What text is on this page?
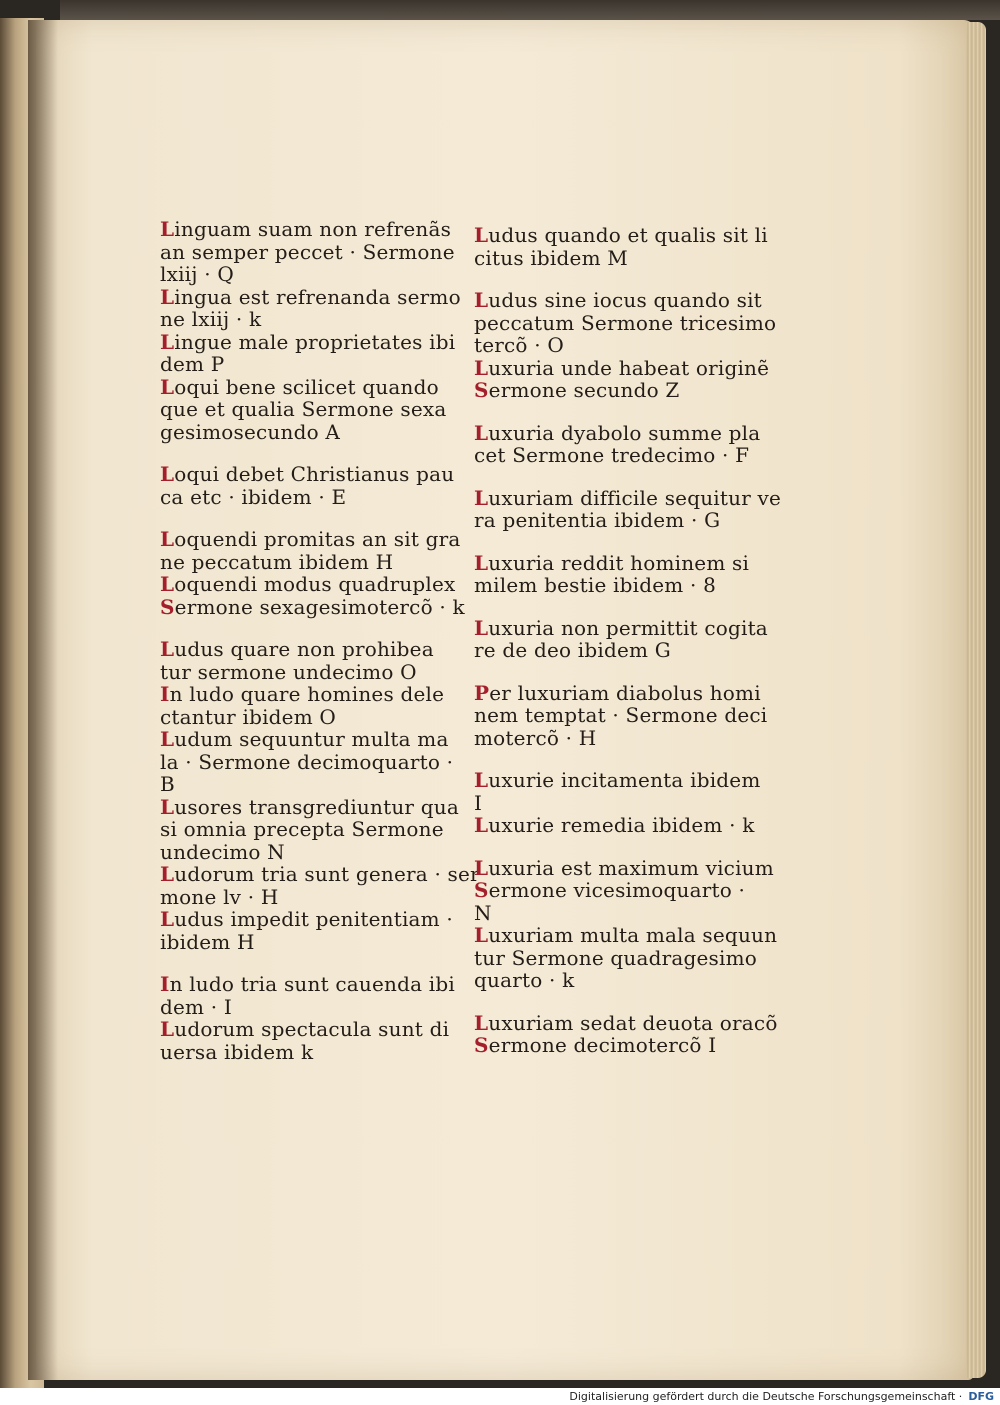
Linguam suam non refrenãs
an semper peccet · Sermone
lxiij · Q
Lingua est refrenanda sermo
ne lxiij · k
Lingue male proprietates ibi
dem P
Loqui bene scilicet quando
que et qualia Sermone sexa
gesimosecundo A
Loqui debet Christianus pau
ca etc · ibidem · E
Loquendi promitas an sit gra
ne peccatum ibidem H
Loquendi modus quadruplex
Sermone sexagesimotercõ · k
Ludus quare non prohibea
tur sermone undecimo O
In ludo quare homines dele
ctantur ibidem O
Ludum sequuntur multa ma
la · Sermone decimoquarto ·
B
Lusores transgrediuntur qua
si omnia precepta Sermone
undecimo N
Ludorum tria sunt genera · ser
mone lv · H
Ludus impedit penitentiam ·
ibidem H
In ludo tria sunt cauenda ibi
dem · I
Ludorum spectacula sunt di
uersa ibidem k
Ludus quando et qualis sit li
citus ibidem M
Ludus sine iocus quando sit
peccatum Sermone tricesimo
tercõ · O
Luxuria unde habeat originẽ
Sermone secundo Z
Luxuria dyabolo summe pla
cet Sermone tredecimo · F
Luxuriam difficile sequitur ve
ra penitentia ibidem · G
Luxuria reddit hominem si
milem bestie ibidem · 8
Luxuria non permittit cogita
re de deo ibidem G
Per luxuriam diabolus homi
nem temptat · Sermone deci
motercõ · H
Luxurie incitamenta ibidem
I
Luxurie remedia ibidem · k
Luxuria est maximum vicium
Sermone vicesimoquarto ·
N
Luxuriam multa mala sequun
tur Sermone quadragesimo
quarto · k
Luxuriam sedat deuota oracõ
Sermone decimotercõ I
Digitalisierung gefördert durch die Deutsche Forschungsgemeinschaft · DFG
